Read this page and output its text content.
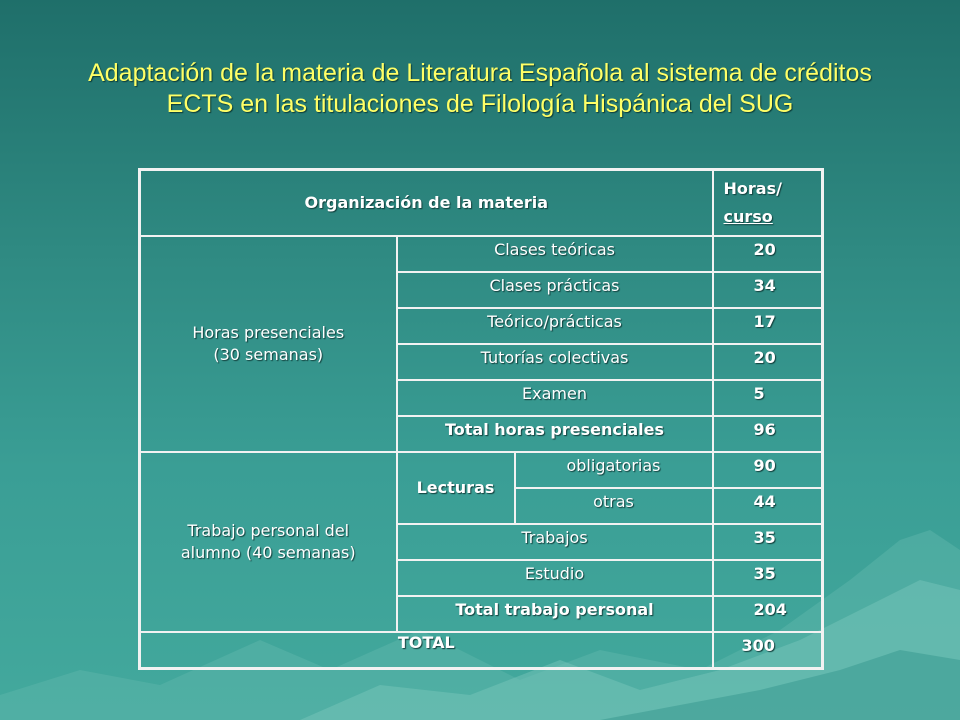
Adaptación de la materia de Literatura Española al sistema de créditos
ECTS en las titulaciones de Filología Hispánica del SUG
Organización de la materia			Horas/
curso
Horas presenciales
(30 semanas)	Clases teóricas		20
	Clases prácticas		34
	Teórico/prácticas		17
	Tutorías colectivas		20
	Examen		5
	Total horas presenciales		96
Trabajo personal del
alumno (40 semanas)	Lecturas	obligatorias	90
		otras	44
	Trabajos		35
	Estudio		35
	Total trabajo personal		204
TOTAL			300
